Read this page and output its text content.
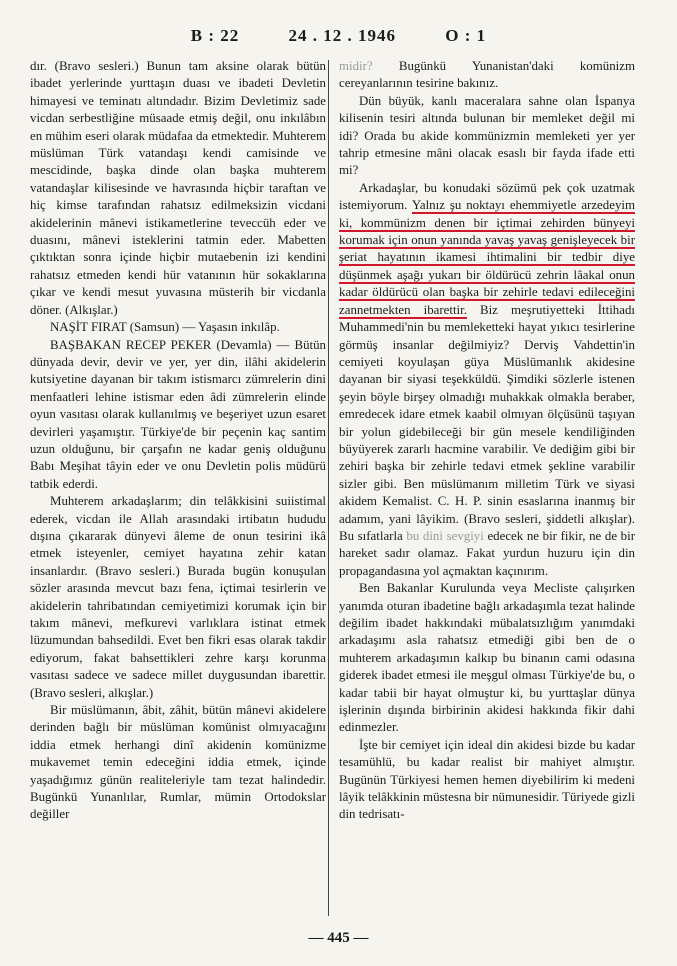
B : 22	24 . 12 . 1946	O : 1

dır. (Bravo sesleri.) Bunun tam aksine olarak bütün ibadet yerlerinde yurttaşın duası ve ibadeti Devletin himayesi ve teminatı altındadır. Bizim Devletimiz sade vicdan serbestliğine müsaade etmiş değil, onu inkılâbın en mühim eseri olarak müdafaa da etmektedir. Muhterem müslüman Türk vatandaşı kendi camisinde ve mescidinde, başka dinde olan başka muhterem vatandaşlar kilisesinde ve havrasında hiçbir taraftan ve hiç kimse tarafından rahatsız edilmeksizin vicdani akidelerinin mânevi istikametlerine teveccüh eder ve duasını, mânevi isteklerini tatmin eder. Mabetten çıktıktan sonra içinde hiçbir mutaebenin izi kendini rahatsız etmeden kendi hür vatanının hür sokaklarına çıkar ve kendi mesut yuvasına müsterih bir vicdanla döner. (Alkışlar.)

NAŞİT FIRAT (Samsun) — Yaşasın inkılâp.

BAŞBAKAN RECEP PEKER (Devamla) — Bütün dünyada devir, devir ve yer, yer din, ilâhi akidelerin kutsiyetine dayanan bir takım istismarcı zümrelerin dini menfaatleri lehine istismar eden âdi zümrelerin elinde oyun vasıtası olarak kullanılmış ve beşeriyet uzun esaret devirleri yaşamıştır. Türkiye'de bir peçenin kaç santim uzun olduğunu, bir çarşafın ne kadar geniş olduğunu Babı Meşihat tâyin eder ve onu Devletin polis müdürü tatbik ederdi.

Muhterem arkadaşlarım; din telâkkisini suiistimal ederek, vicdan ile Allah arasındaki irtibatın hududu dışına çıkararak dünyevi âleme de onun tesirini ikâ etmek isteyenler, cemiyet hayatına zehir katan insanlardır. (Bravo sesleri.) Burada bugün konuşulan sözler arasında mevcut bazı fena, içtimai tesirlerin ve akidelerin tahribatından cemiyetimizi korumak için bir takım mânevi, mefkurevi varlıklara istinat etmek lüzumundan bahsedildi. Evet ben fikri esas olarak takdir ediyorum, fakat bahsettikleri zehre karşı korunma vasıtası sadece ve sadece millet duygusundan ibarettir. (Bravo sesleri, alkışlar.)

Bir müslümanın, âbit, zâhit, bütün mânevi akidelere derinden bağlı bir müslüman komünist olmıyacağını iddia etmek herhangi dinî akidenin komünizme mukavemet temin edeceğini iddia etmek, içinde yaşadığımız günün realiteleriyle tam tezat halindedir. Bugünkü Yunanlılar, Rumlar, mümin Ortodokslar değiller

midir? Bugünkü Yunanistan'daki komünizm cereyanlarının tesirine bakınız.

Dün büyük, kanlı maceralara sahne olan İspanya kilisenin tesiri altında bulunan bir memleket değil mi idi? Orada bu akide kommünizmin memleketi yer yer tahrip etmesine mâni olacak esaslı bir fayda ifade etti mi?

Arkadaşlar, bu konudaki sözümü pek çok uzatmak istemiyorum. Yalnız şu noktayı ehemmiyetle arzedeyim ki, kommünizm denen bir içtimai zehirden bünyeyi korumak için onun yanında yavaş yavaş genişleyecek bir şeriat hayatının ikamesi ihtimalini bir tedbir diye düşünmek aşağı yukarı bir öldürücü zehrin lâakal onun kadar öldürücü olan başka bir zehirle tedavi edileceğini zannetmekten ibarettir. Biz meşrutiyetteki İttihadı Muhammedi'nin bu memleketteki hayat yıkıcı tesirlerine görmüş insanlar değilmiyiz? Derviş Vahdettin'in cemiyeti koyulaşan güya Müslümanlık akidesine dayanan bir siyasi teşekküldü. Şimdiki sözlerle istenen şeyin böyle birşey olmadığı muhakkak olmakla beraber, emredecek idare etmek kaabil olmıyan ölçüsünü taşıyan bir yolun gidebileceği bir gün mesele kendiliğinden büyüyerek zararlı hacmine varabilir. Ve dediğim gibi bir zehiri başka bir zehirle tedavi etmek şekline varabilir sizler gibi. Ben müslümanım milletim Türk ve siyasi akidem Kemalist. C. H. P. sinin esaslarına inanmış bir adamım, yani lâyikim. (Bravo sesleri, şiddetli alkışlar). Bu sıfatlarla bu dini sevgiyi edecek ne bir fikir, ne de bir hareket sadır olamaz. Fakat yurdun huzuru için din propagandasına yol açmaktan kaçınırım.

Ben Bakanlar Kurulunda veya Mecliste çalışırken yanımda oturan ibadetine bağlı arkadaşımla tezat halinde değilim ibadet hakkındaki mübalatsızlığım yanımdaki arkadaşımı asla rahatsız etmediği gibi ben de o muhterem arkadaşımın kalkıp bu binanın cami odasına giderek ibadet etmesi ile meşgul olması Türkiye'de bu, o kadar tabii bir hayat olmuştur ki, bu yurttaşlar dünya işlerinin dışında birbirinin akidesi hakkında fikir dahi edinmezler.

İşte bir cemiyet için ideal din akidesi bizde bu kadar tesamühlü, bu kadar realist bir mahiyet almıştır. Bugünün Türkiyesi hemen hemen diyebilirim ki medeni lâyik telâkkinin müstesna bir nümunesidir. Türiyede gizli din tedrisatı-

— 445 —
